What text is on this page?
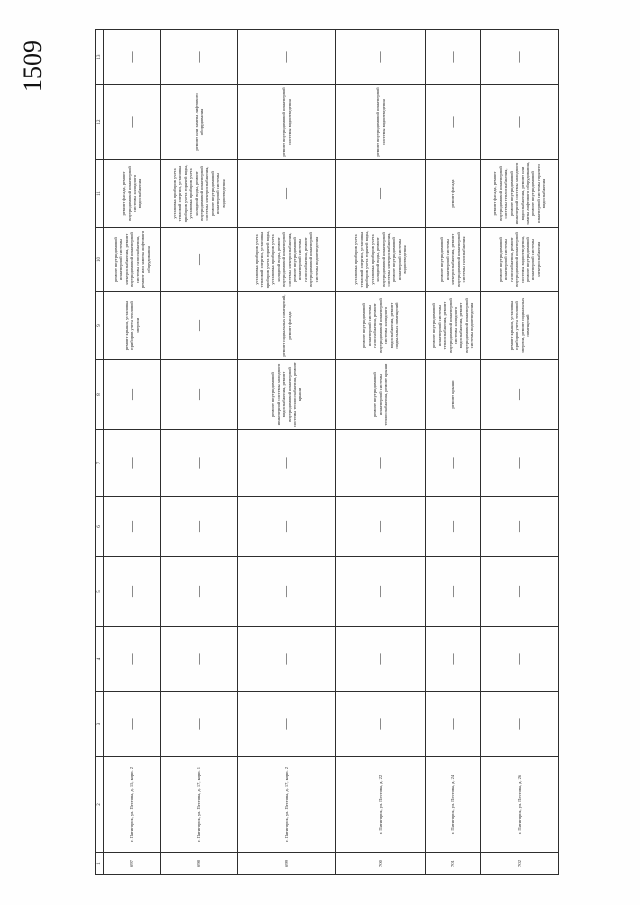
1509
1
2
3
4
5
6
7
8
9
10
11
12
13
697
г. Пятигорск, ул. Пестова, д. 15, корп. 2
—
—
—
—
—
—
ремонт крыши, установка приборов учета тепловой энергии
ремонт внутридомовой инженерной системы электроснабжения, ремонт внутридомовой инженерной системы газоснабжения, ремонт или замена лифтового оборудования
ремонт фасада, ремонт внутридомовой инженерной системы холодного водоснабжения
—
—
698
г. Пятигорск, ул. Пестова, д. 17, корп. 1
—
—
—
—
—
—
—
—
установка приборов учета тепловой энергии, установка приборов учета горячей воды, установка приборов учета холодной воды, ремонт внутридомовой инженерной системы электроснабжения, ремонт внутридомовой инженерной системы водоотведения
ремонт или замена лифтового оборудования
—
699
г. Пятигорск, ул. Пестова, д. 17, корп. 2
—
—
—
—
—
ремонт внутридомовой инженерной системы холодного водоснабжения, ремонт внутридомовой инженерной системы теплоснабжения, ремонт крыши
ремонт подвальных помещений, ремонт фасада
установка приборов учета тепловой энергии, установка приборов учета горячей воды, установка приборов учета холодной воды, ремонт внутридомовой инженерной системы электроснабжения, ремонт внутридомовой инженерной системы газоснабжения, ремонт внутридомовой инженерной системы водоотведения
—
ремонт внутридомовой инженерной системы водоотведения
—
700
г. Пятигорск, ул. Пестова, д. 22
—
—
—
—
—
ремонт внутридомовой инженерной системы теплоснабжения, ремонт крыши
ремонт внутридомовой инженерной системы газоснабжения, ремонт внутридомовой инженерной системы холодного водоснабжения, ремонт подвальных помещений
установка приборов учета тепловой энергии, установка приборов учета горячей воды, установка приборов учета холодной воды, ремонт внутридомовой инженерной системы электроснабжения, ремонт внутридомовой инженерной системы водоотведения
—
ремонт внутридомовой инженерной системы водоотведения
—
701
г. Пятигорск, ул. Пестова, д. 24
—
—
—
—
—
ремонт крыши
ремонт внутридомовой инженерной системы теплоснабжения, ремонт внутридомовой инженерной системы холодного водоснабжения, ремонт внутридомовой инженерной системы водоотведения
ремонт внутридомовой инженерной системы электроснабжения, ремонт внутридомовой инженерной системы газоснабжения
ремонт фасада
—
—
702
г. Пятигорск, ул. Пестова, д. 26
—
—
—
—
—
—
ремонт крыши, установка приборов учета тепловой энергии, ремонт подвальных помещений
ремонт внутридомовой инженерной системы газоснабжения, ремонт внутридомовой инженерной системы водоотведения, ремонт внутридомовой инженерной системы электроснабжения
ремонт фасада, ремонт внутридомовой инженерной системы теплоснабжения, ремонт внутридомовой инженерной системы холодного водоснабжения, ремонт или замена лифтового оборудования, ремонт внутридомовой инженерной системы горячего водоснабжения
—
—
